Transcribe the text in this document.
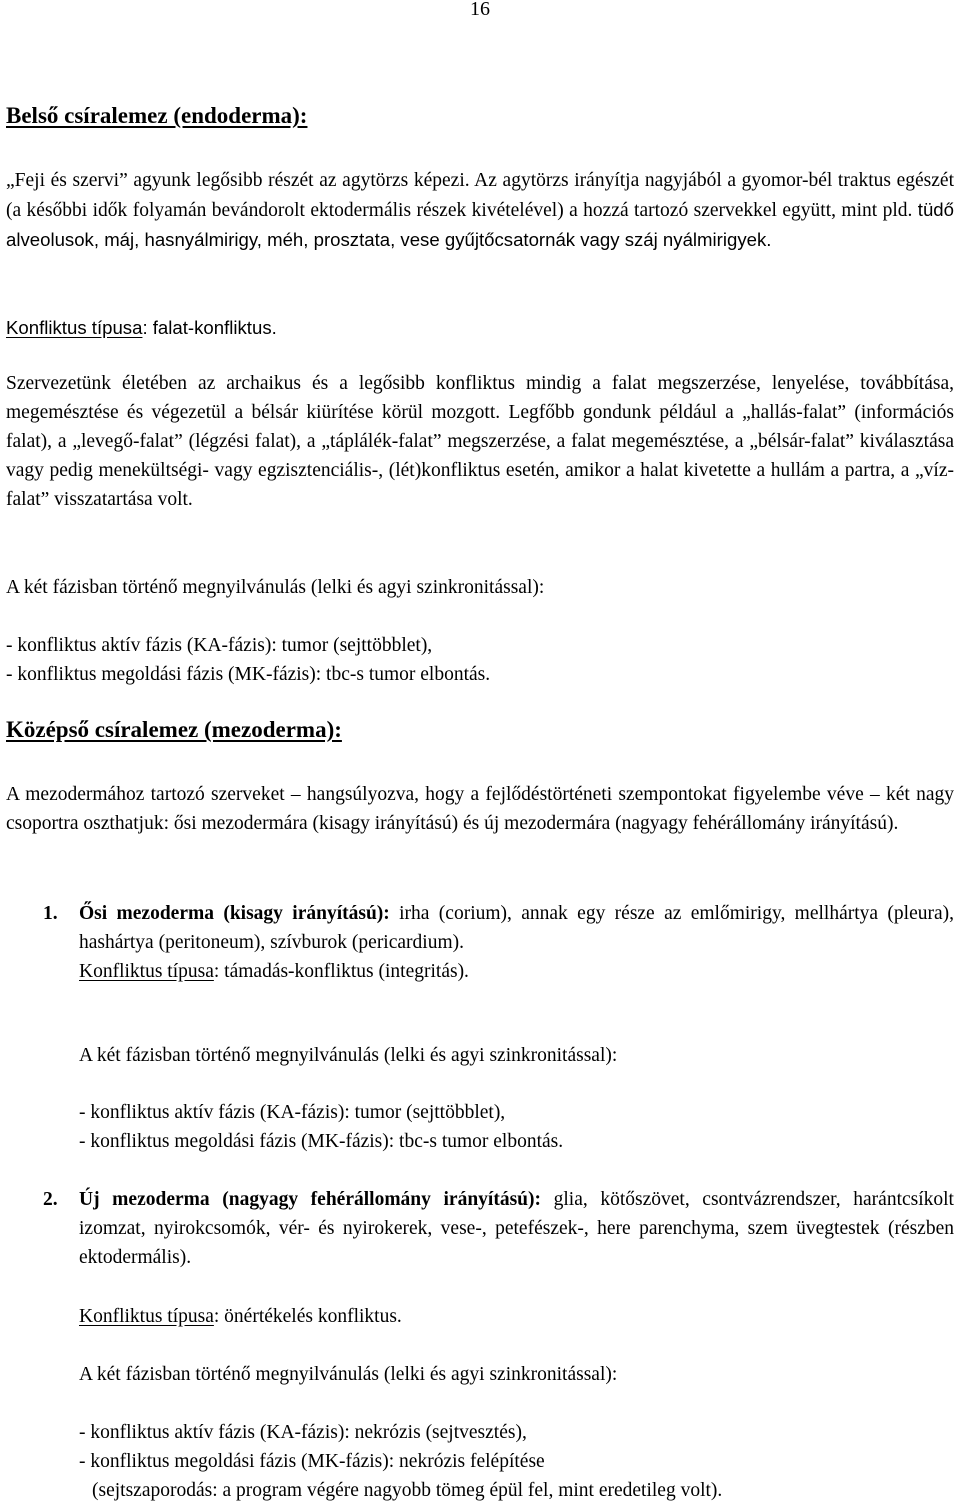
16
Belső csíralemez (endoderma):

„Feji és szervi” agyunk legősibb részét az agytörzs képezi. Az agytörzs irányítja nagyjából a gyomor-bél traktus egészét (a későbbi idők folyamán bevándorolt ektodermális részek kivételével) a hozzá tartozó szervekkel együtt, mint pld. tüdő alveolusok, máj, hasnyálmirigy, méh, prosztata, vese gyűjtőcsatornák vagy száj nyálmirigyek.

Konfliktus típusa: falat-konfliktus.

Szervezetünk életében az archaikus és a legősibb konfliktus mindig a falat megszerzése, lenyelése, továbbítása, megemésztése és végezetül a bélsár kiürítése körül mozgott. Legfőbb gondunk például a „hallás-falat” (információs falat), a „levegő-falat” (légzési falat), a „táplálék-falat” megszerzése, a falat megemésztése, a „bélsár-falat” kiválasztása vagy pedig menekültségi- vagy egzisztenciális-, (lét)konfliktus esetén, amikor a halat kivetette a hullám a partra, a „víz-falat” visszatartása volt.

A két fázisban történő megnyilvánulás (lelki és agyi szinkronitással):

- konfliktus aktív fázis (KA-fázis): tumor (sejttöbblet),

- konfliktus megoldási fázis (MK-fázis): tbc-s tumor elbontás.

Középső csíralemez (mezoderma):

A mezodermához tartozó szerveket – hangsúlyozva, hogy a fejlődéstörténeti szempontokat figyelembe véve – két nagy csoportra oszthatjuk: ősi mezodermára (kisagy irányítású) és új mezodermára (nagyagy fehérállomány irányítású).

1. Ősi mezoderma (kisagy irányítású): irha (corium), annak egy része az emlőmirigy, mellhártya (pleura), hashártya (peritoneum), szívburok (pericardium).

Konfliktus típusa: támadás-konfliktus (integritás).

A két fázisban történő megnyilvánulás (lelki és agyi szinkronitással):

- konfliktus aktív fázis (KA-fázis): tumor (sejttöbblet),

- konfliktus megoldási fázis (MK-fázis): tbc-s tumor elbontás.

2. Új mezoderma (nagyagy fehérállomány irányítású): glia, kötőszövet, csontvázrendszer, harántcsíkolt izomzat, nyirokcsomók, vér- és nyirokerek, vese-, petefészek-, here parenchyma, szem üvegtestek (részben ektodermális).

Konfliktus típusa: önértékelés konfliktus.

A két fázisban történő megnyilvánulás (lelki és agyi szinkronitással):

- konfliktus aktív fázis (KA-fázis): nekrózis (sejtvesztés),

- konfliktus megoldási fázis (MK-fázis): nekrózis felépítése

(sejtszaporodás: a program végére nagyobb tömeg épül fel, mint eredetileg volt).
